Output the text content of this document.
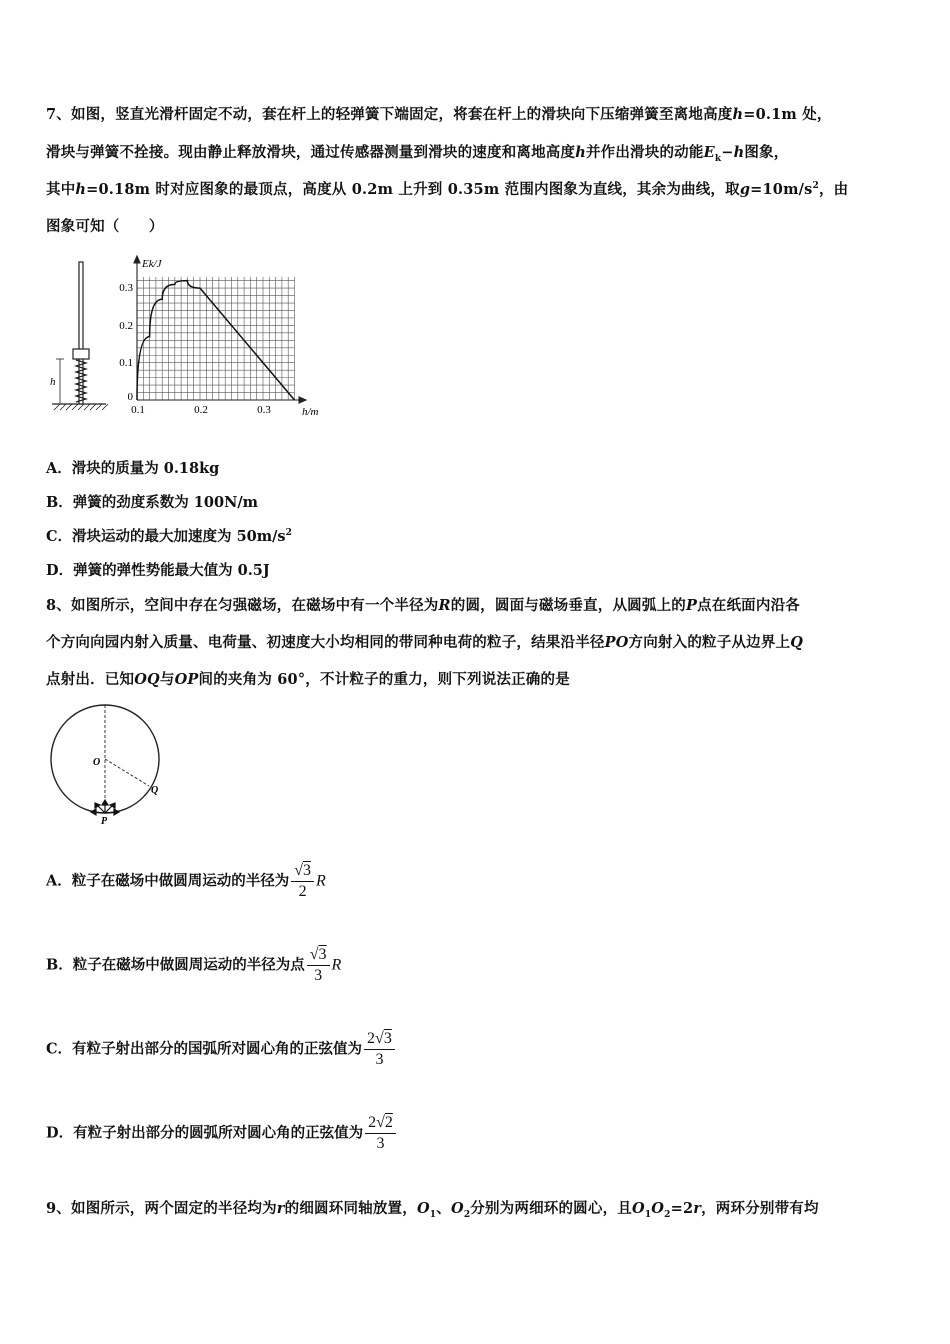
7、如图，竖直光滑杆固定不动，套在杆上的轻弹簧下端固定，将套在杆上的滑块向下压缩弹簧至离地高度h=0.1m 处，
滑块与弹簧不拴接。现由静止释放滑块，通过传感器测量到滑块的速度和离地高度h并作出滑块的动能$E_k-h$图象，
其中h=0.18m 时对应图象的最顶点，高度从 0.2m 上升到 0.35m 范围内图象为直线，其余为曲线，取$g=10m/s^2$，由
图象可知（　　）
h
Ek/J
h/m
0.3
0.2
0.1
0
0.1	0.2	0.3
A．滑块的质量为 0.18kg
B．弹簧的劲度系数为 100N/m
C．滑块运动的最大加速度为 $50m/s^2$
D．弹簧的弹性势能最大值为 0.5J
8、如图所示，空间中存在匀强磁场，在磁场中有一个半径为R的圆，圆面与磁场垂直，从圆弧上的P点在纸面内沿各
个方向向园内射入质量、电荷量、初速度大小均相同的带同种电荷的粒子，结果沿半径PO方向射入的粒子从边界上Q
点射出．已知OQ与OP间的夹角为 60°，不计粒子的重力，则下列说法正确的是
O
Q
P
A．粒子在磁场中做圆周运动的半径为 $\frac{√3}{2}$ R
B．粒子在磁场中做圆周运动的半径为点 $\frac{√3}{3}$ R
C．有粒子射出部分的国弧所对圆心角的正弦值为 $\frac{2√3}{3}$
D．有粒子射出部分的圆弧所对圆心角的正弦值为 $\frac{2√2}{3}$
9、如图所示，两个固定的半径均为r的细圆环同轴放置，$O_1$、$O_2$分别为两细环的圆心，且$O_1O_2=2r$，两环分别带有均
